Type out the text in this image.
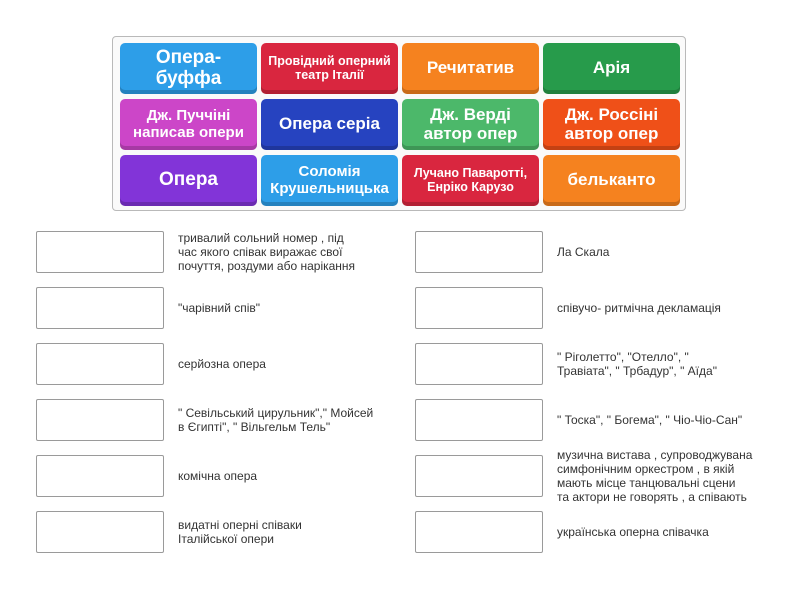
Опера-
буффа
Провідний оперний театр Італії	Речитатив	Арія
Дж. Пуччіні написав опери	Опера серіа	Дж. Верді автор опер
Дж. Россіні автор опер
Опера	Соломія Крушельницька
Лучано Паваротті, Енріко Карузо	бельканто
тривалий сольний номер , під
час якого співак виражає свої
почуття, роздуми або нарікання
"чарівний спів"
серйозна опера
" Севільський цирульник"," Мойсей
в Єгипті", " Вільгельм Тель"
комічна опера
видатні оперні співаки
Італійської опери
Ла Скала
співучо- ритмічна декламація
" Ріголетто", "Отелло", "
Травіата", " Трбадур", " Аїда"
" Тоска", " Богема", " Чіо-Чіо-Сан"
музична вистава , супроводжувана
симфонічним оркестром , в якій
мають місце танцювальні сцени
та актори не говорять , а співають
українська оперна співачка
